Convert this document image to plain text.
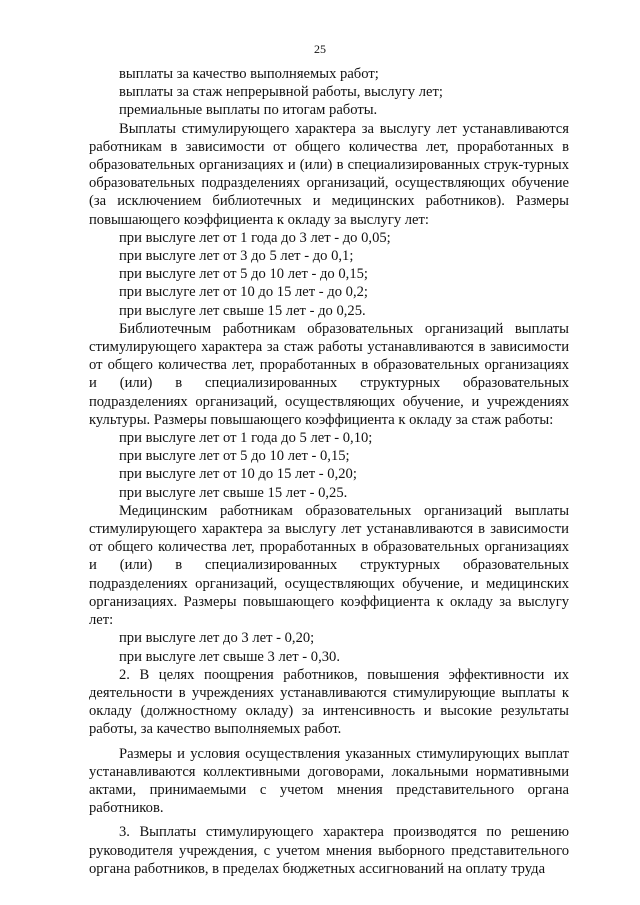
25
выплаты за качество выполняемых работ;
выплаты за стаж непрерывной работы, выслугу лет;
премиальные выплаты по итогам работы.
Выплаты стимулирующего характера за выслугу лет устанавливаются работникам в зависимости от общего количества лет, проработанных в образовательных организациях и (или) в специализированных струк-турных образовательных подразделениях организаций, осуществляющих обучение (за исключением библиотечных и медицинских работников). Размеры повышающего коэффициента к окладу за выслугу лет:
при выслуге лет от 1 года до 3 лет - до 0,05;
при выслуге лет от 3 до 5 лет - до 0,1;
при выслуге лет от 5 до 10 лет - до 0,15;
при выслуге лет от 10 до 15 лет - до 0,2;
при выслуге лет свыше 15 лет - до 0,25.
Библиотечным работникам образовательных организаций выплаты стимулирующего характера за стаж работы устанавливаются в зависимости от общего количества лет, проработанных в образовательных организациях и (или) в специализированных структурных образовательных подразделениях организаций, осуществляющих обучение, и учреждениях культуры. Размеры повышающего коэффициента к окладу за стаж работы:
при выслуге лет от 1 года до 5 лет - 0,10;
при выслуге лет от 5 до 10 лет - 0,15;
при выслуге лет от 10 до 15 лет - 0,20;
при выслуге лет свыше 15 лет - 0,25.
Медицинским работникам образовательных организаций выплаты стимулирующего характера за выслугу лет устанавливаются в зависимости от общего количества лет, проработанных в образовательных организациях и (или) в специализированных структурных образовательных подразделениях организаций, осуществляющих обучение, и медицинских организациях. Размеры повышающего коэффициента к окладу за выслугу лет:
при выслуге лет до 3 лет - 0,20;
при выслуге лет свыше 3 лет - 0,30.
2. В целях поощрения работников, повышения эффективности их деятельности в учреждениях устанавливаются стимулирующие выплаты к окладу (должностному окладу) за интенсивность и высокие результаты работы, за качество выполняемых работ.
Размеры и условия осуществления указанных стимулирующих выплат устанавливаются коллективными договорами, локальными нормативными актами, принимаемыми с учетом мнения представительного органа работников.
3. Выплаты стимулирующего характера производятся по решению руководителя учреждения, с учетом мнения выборного представительного органа работников, в пределах бюджетных ассигнований на оплату труда
